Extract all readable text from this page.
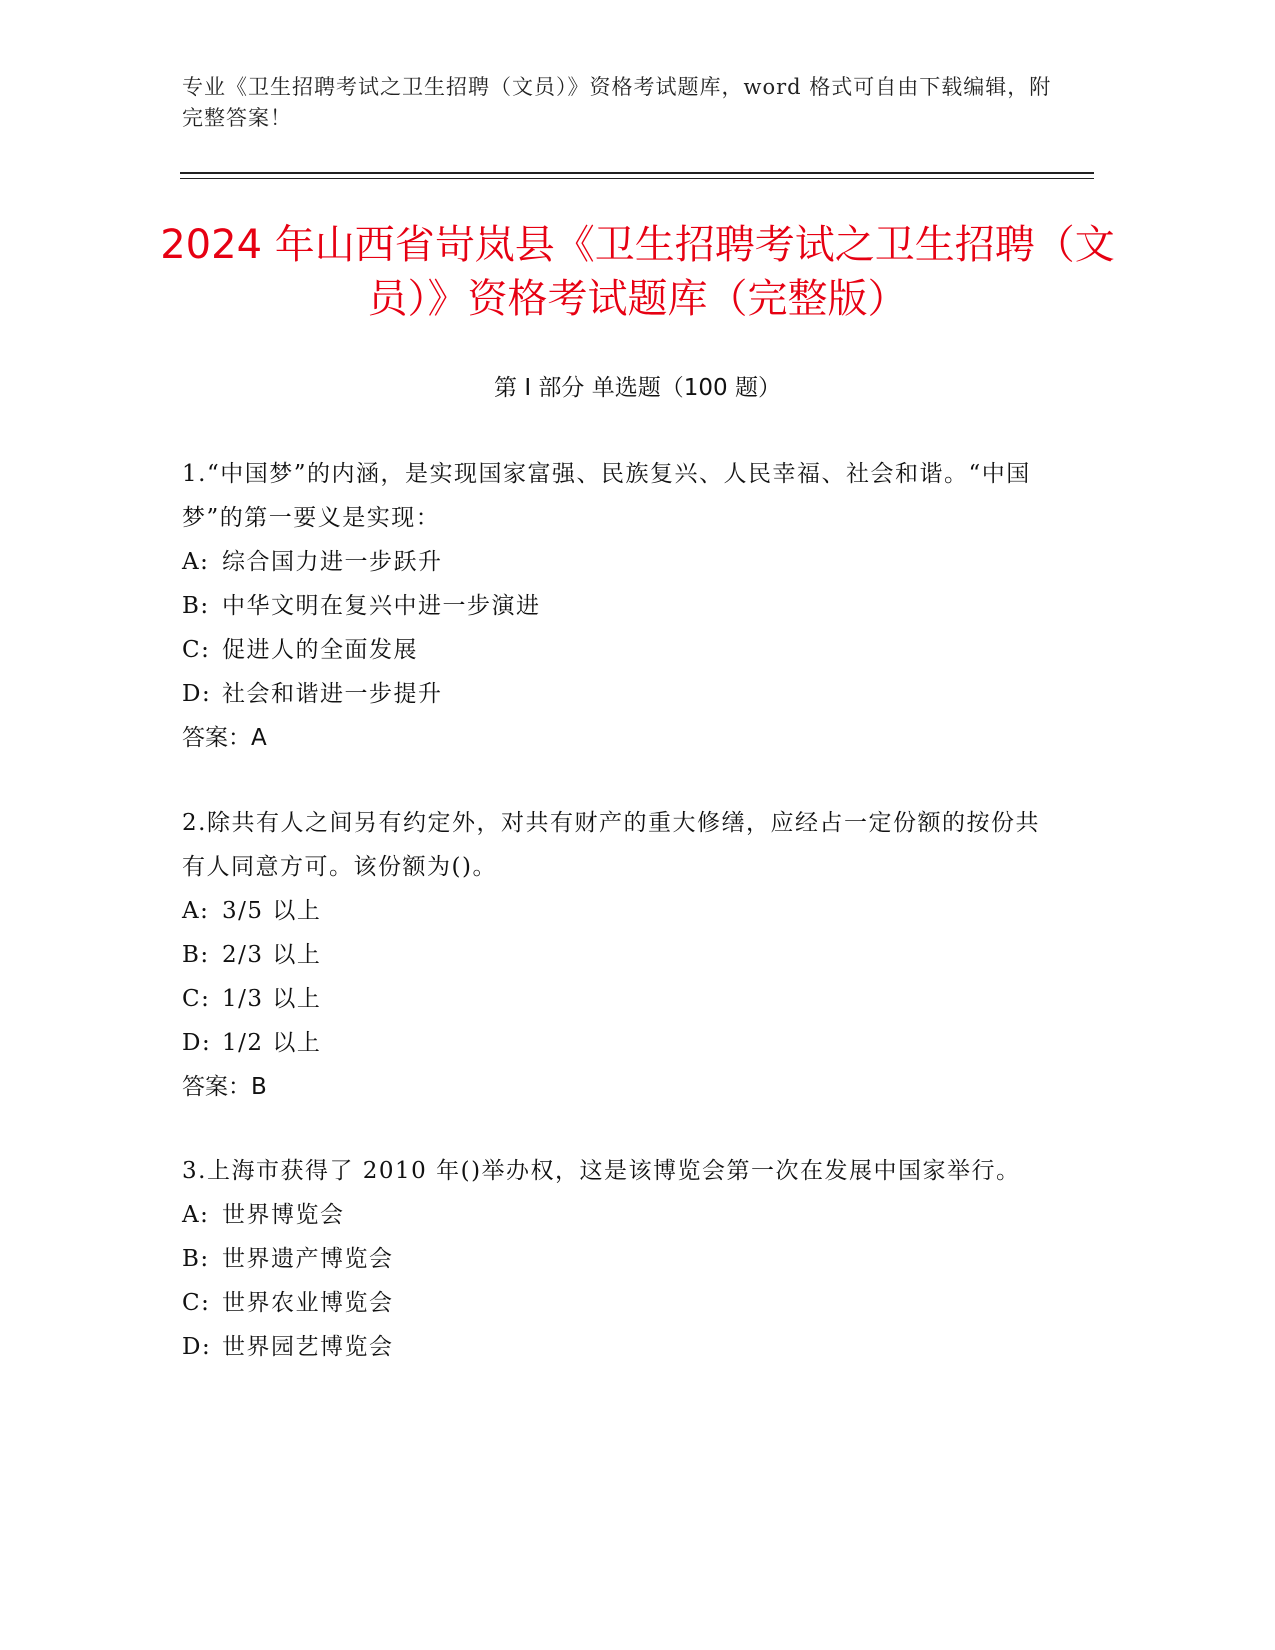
专业《卫生招聘考试之卫生招聘（文员）》资格考试题库，word 格式可自由下载编辑，附完整答案！
2024 年山西省岢岚县《卫生招聘考试之卫生招聘（文员）》资格考试题库（完整版）
第 I 部分 单选题（100 题）

1.“中国梦”的内涵，是实现国家富强、民族复兴、人民幸福、社会和谐。“中国梦”的第一要义是实现：

A: 综合国力进一步跃升

B: 中华文明在复兴中进一步演进

C: 促进人的全面发展

D: 社会和谐进一步提升

答案：A

2.除共有人之间另有约定外，对共有财产的重大修缮，应经占一定份额的按份共有人同意方可。该份额为()。

A: 3/5 以上

B: 2/3 以上

C: 1/3 以上

D: 1/2 以上

答案：B

3.上海市获得了 2010 年()举办权，这是该博览会第一次在发展中国家举行。

A: 世界博览会

B: 世界遗产博览会

C: 世界农业博览会

D: 世界园艺博览会
